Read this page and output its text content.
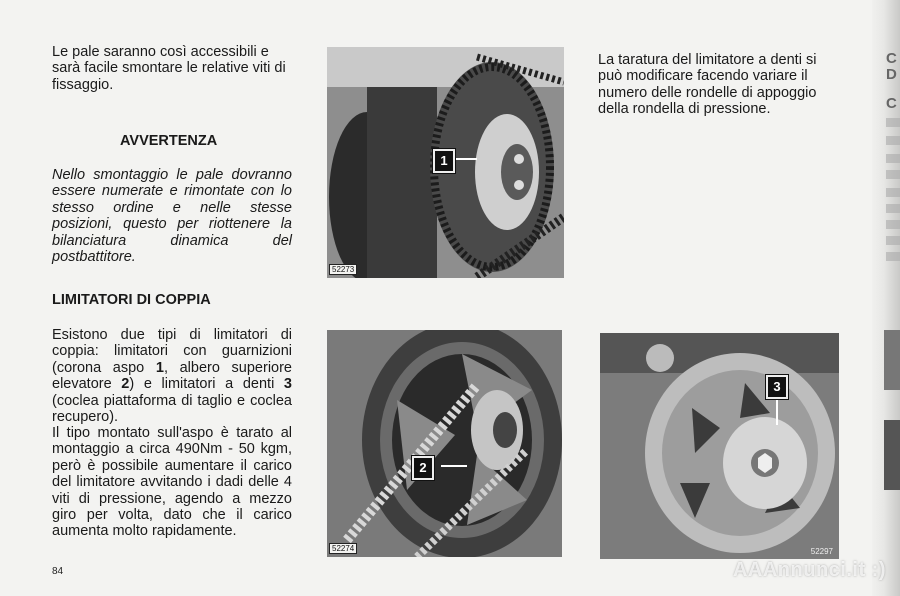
Le pale saranno così accessibili e sarà facile smontare le relative viti di fissaggio.
AVVERTENZA
Nello smontaggio le pale dovranno essere numerate e rimontate con lo stesso ordine e nelle stesse posizioni, questo per riottenere la bilanciatura dinamica del postbattitore.
LIMITATORI DI COPPIA
Esistono due tipi di limitatori di coppia: limitatori con guarnizioni (corona aspo 1, albero superiore elevatore 2) e limitatori a denti 3 (coclea piattaforma di taglio e coclea recupero).
Il tipo montato sull'aspo è tarato al montaggio a circa 490Nm - 50 kgm, però è possibile aumentare il carico del limitatore avvitando i dadi delle 4 viti di pressione, agendo a mezzo giro per volta, dato che il carico aumenta molto rapidamente.
84
1
52273
2
52274
3
52297
La taratura del limitatore a denti si può modificare facendo variare il numero delle rondelle di appoggio della rondella di pressione.
C
D
C
AAAnnunci.it :)
